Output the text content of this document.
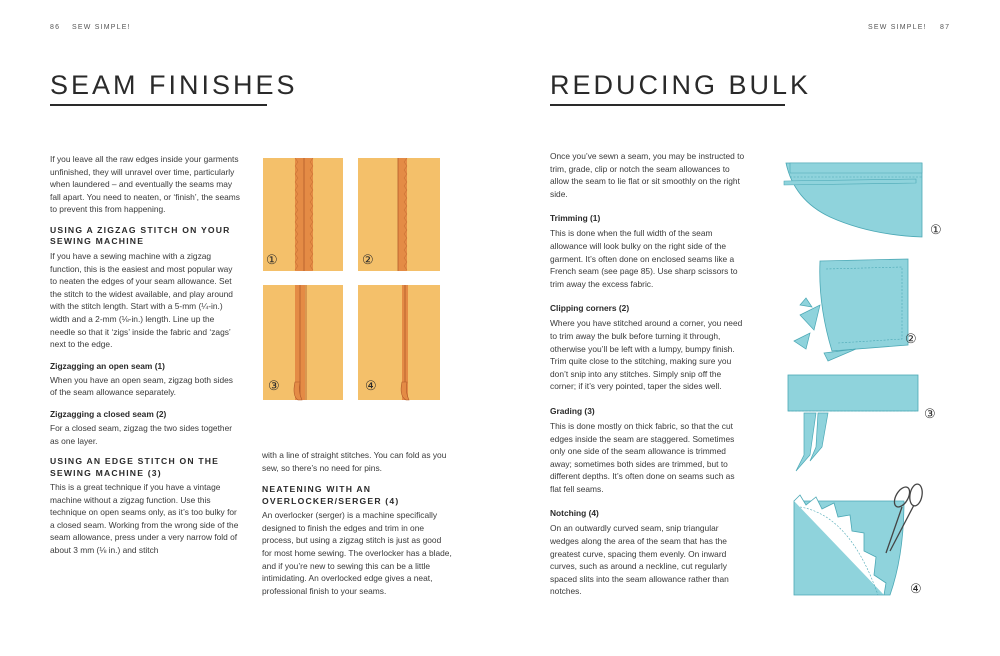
86 SEW SIMPLE!
SEAM FINISHES

If you leave all the raw edges inside your garments unfinished, they will unravel over time, particularly when laundered – and eventually the seams may fall apart. You need to neaten, or ‘finish’, the seams to prevent this from happening.

USING A ZIGZAG STITCH ON YOUR SEWING MACHINE

If you have a sewing machine with a zigzag function, this is the easiest and most popular way to neaten the edges of your seam allowance. Set the stitch to the widest available, and play around with the stitch length. Start with a 5-mm (¼-in.) width and a 2-mm (⅛-in.) length. Line up the needle so that it ‘zigs’ inside the fabric and ‘zags’ next to the edge.

Zigzagging an open seam (1)

When you have an open seam, zigzag both sides of the seam allowance separately.

Zigzagging a closed seam (2)

For a closed seam, zigzag the two sides together as one layer.

USING AN EDGE STITCH ON THE SEWING MACHINE (3)

This is a great technique if you have a vintage machine without a zigzag function. Use this technique on open seams only, as it’s too bulky for a closed seam. Working from the wrong side of the seam allowance, press under a very narrow fold of about 3 mm (⅛ in.) and stitch

with a line of straight stitches. You can fold as you sew, so there’s no need for pins.

NEATENING WITH AN OVERLOCKER/SERGER (4)

An overlocker (serger) is a machine specifically designed to finish the edges and trim in one process, but using a zigzag stitch is just as good for most home sewing. The overlocker has a blade, and if you’re new to sewing this can be a little intimidating. An overlocked edge gives a neat, professional finish to your seams.

①	②
③	④
SEW SIMPLE! 87
REDUCING BULK

Once you’ve sewn a seam, you may be instructed to trim, grade, clip or notch the seam allowances to allow the seam to lie flat or sit smoothly on the right side.

Trimming (1)

This is done when the full width of the seam allowance will look bulky on the right side of the garment. It’s often done on enclosed seams like a French seam (see page 85). Use sharp scissors to trim away the excess fabric.

Clipping corners (2)

Where you have stitched around a corner, you need to trim away the bulk before turning it through, otherwise you’ll be left with a lumpy, bumpy finish. Trim quite close to the stitching, making sure you don’t snip into any stitches. Simply snip off the corner; if it’s very pointed, taper the sides well.

Grading (3)

This is done mostly on thick fabric, so that the cut edges inside the seam are staggered. Sometimes only one side of the seam allowance is trimmed away; sometimes both sides are trimmed, but to different depths. It’s often done on seams such as flat fell seams.

Notching (4)

On an outwardly curved seam, snip triangular wedges along the area of the seam that has the greatest curve, spacing them evenly. On inward curves, such as around a neckline, cut regularly spaced slits into the seam allowance rather than notches.

①
②
③
④
